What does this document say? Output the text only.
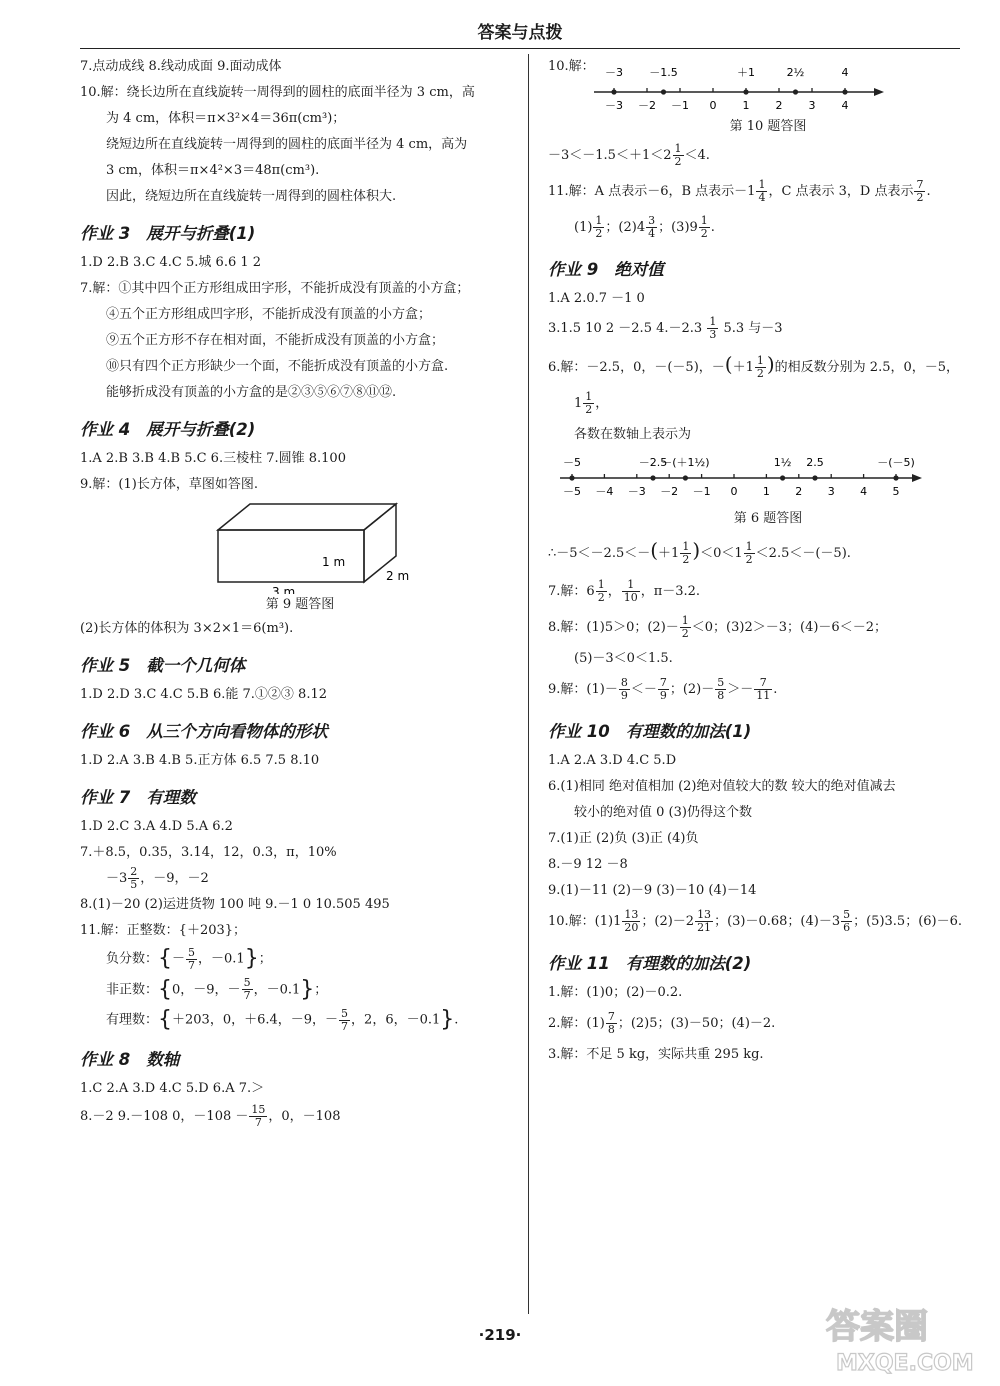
答案与点拨
7.点动成线 8.线动成面 9.面动成体
10.解：绕长边所在直线旋转一周得到的圆柱的底面半径为 3 cm，高
为 4 cm，体积＝π×3²×4＝36π(cm³)；
绕短边所在直线旋转一周得到的圆柱的底面半径为 4 cm，高为
3 cm，体积＝π×4²×3＝48π(cm³).
因此，绕短边所在直线旋转一周得到的圆柱体积大.
作业 3 展开与折叠(1)
1.D 2.B 3.C 4.C 5.城 6.6 1 2
7.解：①其中四个正方形组成田字形，不能折成没有顶盖的小方盒；
④五个正方形组成凹字形，不能折成没有顶盖的小方盒；
⑨五个正方形不存在相对面，不能折成没有顶盖的小方盒；
⑩只有四个正方形缺少一个面，不能折成没有顶盖的小方盒.
能够折成没有顶盖的小方盒的是②③⑤⑥⑦⑧⑪⑫.
作业 4 展开与折叠(2)
1.A 2.B 3.B 4.B 5.C 6.三棱柱 7.圆锥 8.100
9.解：(1)长方体，草图如答图.
1 m
2 m
3 m
第 9 题答图
(2)长方体的体积为 3×2×1＝6(m³).
作业 5 截一个几何体
1.D 2.D 3.C 4.C 5.B 6.能 7.①②③ 8.12
作业 6 从三个方向看物体的形状
1.D 2.A 3.B 4.B 5.正方体 6.5 7.5 8.10
作业 7 有理数
1.D 2.C 3.A 4.D 5.A 6.2
7.＋8.5，0.35，3.14，12，0.3，π，10%
$-3 \frac{2}{5}$ ，－9，－2
8.(1)－20 (2)运进货物 100 吨 9.－1 0 10.505 495
11.解：正整数：{＋203}；
负分数：{－ $\frac{5}{7}$ ，－0.1}；
非正数：{0，－9，－ $\frac{5}{7}$ ，－0.1}；
有理数：{＋203，0，＋6.4，－9，－ $\frac{5}{7}$ ，2，6，－0.1}.
作业 8 数轴
1.C 2.A 3.D 4.C 5.D 6.A 7.＞
8.－2 9.－108 0，$-108 - \frac{15}{7}$ ，0，－108
10.解：
－3 －2 －1 0 1 2 3 4
－3 －1.5	＋1	2½	4
第 10 题答图
$-3<-1.5<+1<2 \frac{1}{2} <4$.
11.解：A 点表示－6，B 点表示$-1 \frac{1}{4}$ ，C 点表示 3，D 点表示 $\frac{7}{2}$ .
$(1) \frac{1}{2}$ ；$(2)4 \frac{3}{4}$ ；$(3)9 \frac{1}{2}$ .
作业 9 绝对值
1.A 2.0.7 －1 0
3.1.5 10 2 －2.5 $4.-2.3 \frac{1}{3} 5.3$ 与－3
6.解：－2.5，0，－(－5)，$-(+1 \frac{1}{2}$ )的相反数分别为 2.5，0，－5，
$1 \frac{1}{2}$ ，
各数在数轴上表示为
－5 －4 －3 －2 －1 0 1 2 3 4 5
－5	－2.5
－(＋1½)	1½ 2.5	－(－5)
第 6 题答图
∴－5＜－2.5＜－(＋1 $\frac{1}{2} )<0<1 \frac{1}{2} <2.5<-(-5)$.
7.解：$6 \frac{1}{2}$ ， $\frac{1}{10}$ ，π－3.2.
8.解：(1)5＞0；$(2)- \frac{1}{2} <0$；(3)2＞－3；(4)－6＜－2；
(5)－3＜0＜1.5.
9.解：$(1)- \frac{8}{9} <- \frac{7}{9}$ ；$(2)- \frac{5}{8} >- \frac{7}{11}$ .
作业 10 有理数的加法(1)
1.A 2.A 3.D 4.C 5.D
6.(1)相同 绝对值相加 (2)绝对值较大的数 较大的绝对值减去
较小的绝对值 0 (3)仍得这个数
7.(1)正 (2)负 (3)正 (4)负
8.－9 12 －8
9.(1)－11 (2)－9 (3)－10 (4)－14
10.解：$(1)1 \frac{13}{20}$ ；$(2)-2 \frac{13}{21}$ ；(3)－0.68；$(4)-3 \frac{5}{6}$ ；(5)3.5；(6)－6.
作业 11 有理数的加法(2)
1.解：(1)0；(2)－0.2.
2.解：$(1) \frac{7}{8}$ ；(2)5；(3)－50；(4)－2.
3.解：不足 5 kg，实际共重 295 kg.
·219·	答案圈
MXQE.COM
